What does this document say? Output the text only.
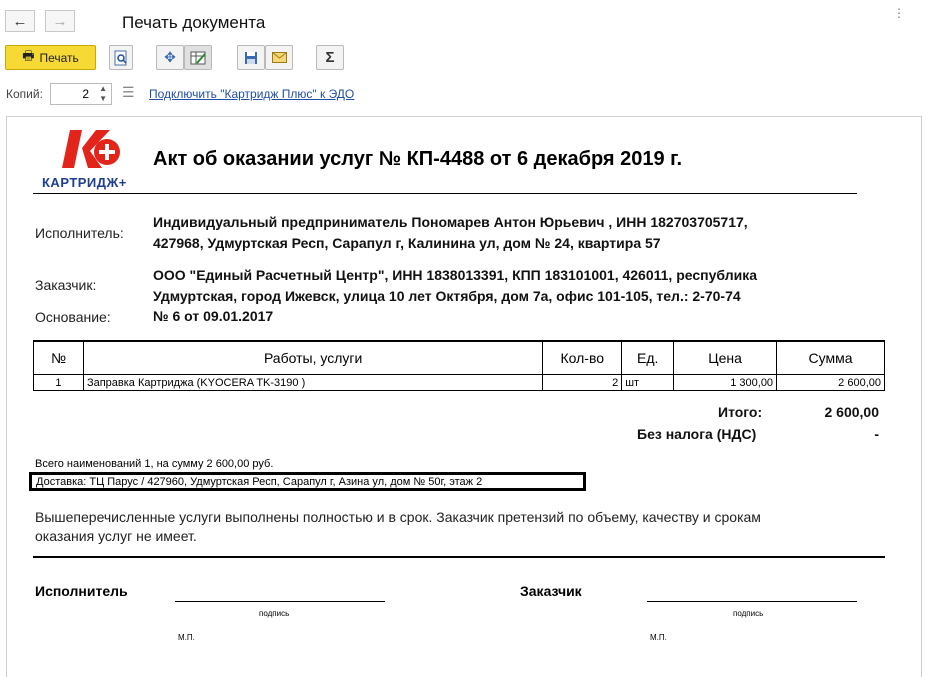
← →	Печать документа	⋮
🖶 Печать	✥	Σ
Копий:	2 ▲
▼ ☰ Подключить "Картридж Плюс" к ЭДО
КАРТРИДЖ+
Акт об оказании услуг № КП-4488 от 6 декабря 2019 г.
Исполнитель:
Индивидуальный предприниматель Пономарев Антон Юрьевич , ИНН 182703705717,
427968, Удмуртская Респ, Сарапул г, Калинина ул, дом № 24, квартира 57
Заказчик:
ООО "Единый Расчетный Центр", ИНН 1838013391, КПП 183101001, 426011, республика
Удмуртская, город Ижевск, улица 10 лет Октября, дом 7а, офис 101-105, тел.: 2-70-74
Основание:	№ 6 от 09.01.2017
№	Работы, услуги	Кол-во	Ед.	Цена	Сумма
1	Заправка Картриджа (KYOCERA TK-3190 )	2	шт	1 300,00	2 600,00
Итого:	2 600,00
Без налога (НДС)	-
Всего наименований 1, на сумму 2 600,00 руб.
Доставка: ТЦ Парус / 427960, Удмуртская Респ, Сарапул г, Азина ул, дом № 50г, этаж 2
Вышеперечисленные услуги выполнены полностью и в срок. Заказчик претензий по объему, качеству и срокам
оказания услуг не имеет.
Исполнитель
подпись
М.П.
Заказчик
подпись
М.П.
